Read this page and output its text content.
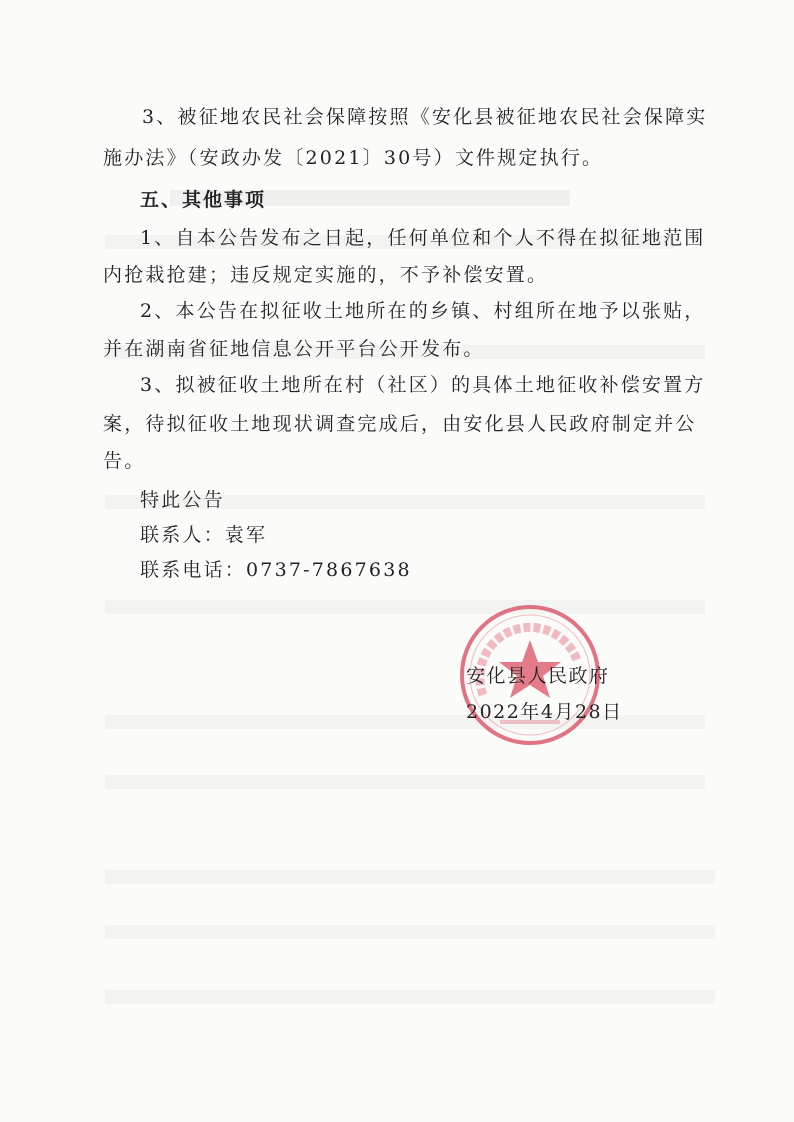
3、被征地农民社会保障按照《安化县被征地农民社会保障实
施办法》（安政办发〔2021〕30号）文件规定执行。
五、其他事项
1、自本公告发布之日起，任何单位和个人不得在拟征地范围
内抢栽抢建；违反规定实施的，不予补偿安置。
2、本公告在拟征收土地所在的乡镇、村组所在地予以张贴，
并在湖南省征地信息公开平台公开发布。
3、拟被征收土地所在村（社区）的具体土地征收补偿安置方
案，待拟征收土地现状调查完成后，由安化县人民政府制定并公
告。
特此公告
联系人：袁军
联系电话：0737-7867638
安化县人民政府
2022年4月28日
